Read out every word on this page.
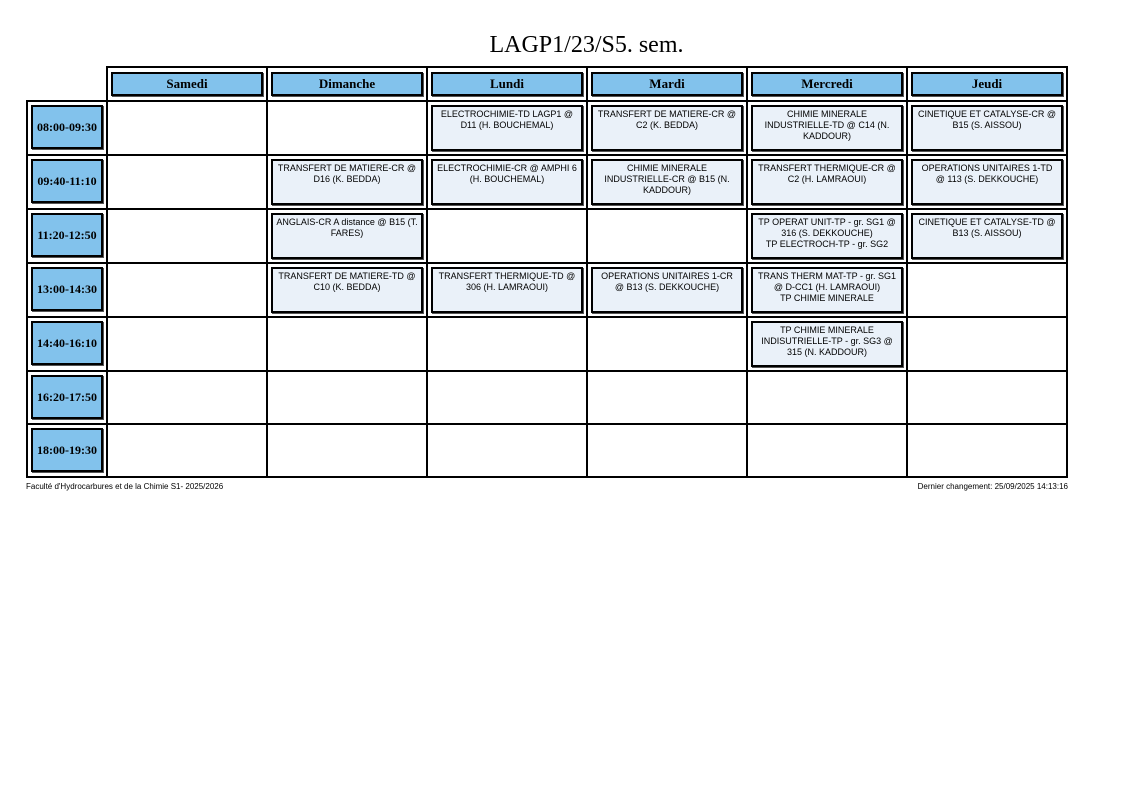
LAGP1/23/S5. sem.

	Samedi	Dimanche	Lundi	Mardi	Mercredi	Jeudi

08:00-09:30			ELECTROCHIMIE-TD LAGP1 @ D11 (H. BOUCHEMAL)	TRANSFERT DE MATIERE-CR @ C2 (K. BEDDA)	CHIMIE MINERALE INDUSTRIELLE-TD @ C14 (N. KADDOUR)	CINETIQUE ET CATALYSE-CR @ B15 (S. AISSOU)

09:40-11:10		TRANSFERT DE MATIERE-CR @ D16 (K. BEDDA)	ELECTROCHIMIE-CR @ AMPHI 6 (H. BOUCHEMAL)	CHIMIE MINERALE INDUSTRIELLE-CR @ B15 (N. KADDOUR)	TRANSFERT THERMIQUE-CR @ C2 (H. LAMRAOUI)	OPERATIONS UNITAIRES 1-TD @ 113 (S. DEKKOUCHE)

11:20-12:50		ANGLAIS-CR A distance @ B15 (T. FARES)			TP OPERAT UNIT-TP - gr. SG1 @ 316 (S. DEKKOUCHE)
TP ELECTROCH-TP - gr. SG2	CINETIQUE ET CATALYSE-TD @ B13 (S. AISSOU)

13:00-14:30		TRANSFERT DE MATIERE-TD @ C10 (K. BEDDA)	TRANSFERT THERMIQUE-TD @ 306 (H. LAMRAOUI)	OPERATIONS UNITAIRES 1-CR @ B13 (S. DEKKOUCHE)	TRANS THERM MAT-TP - gr. SG1 @ D-CC1 (H. LAMRAOUI)
TP CHIMIE MINERALE	

14:40-16:10					TP CHIMIE MINERALE INDISUTRIELLE-TP - gr. SG3 @ 315 (N. KADDOUR)	

16:20-17:50						

18:00-19:30						

Faculté d'Hydrocarbures et de la Chimie S1- 2025/2026	Dernier changement: 25/09/2025 14:13:16
